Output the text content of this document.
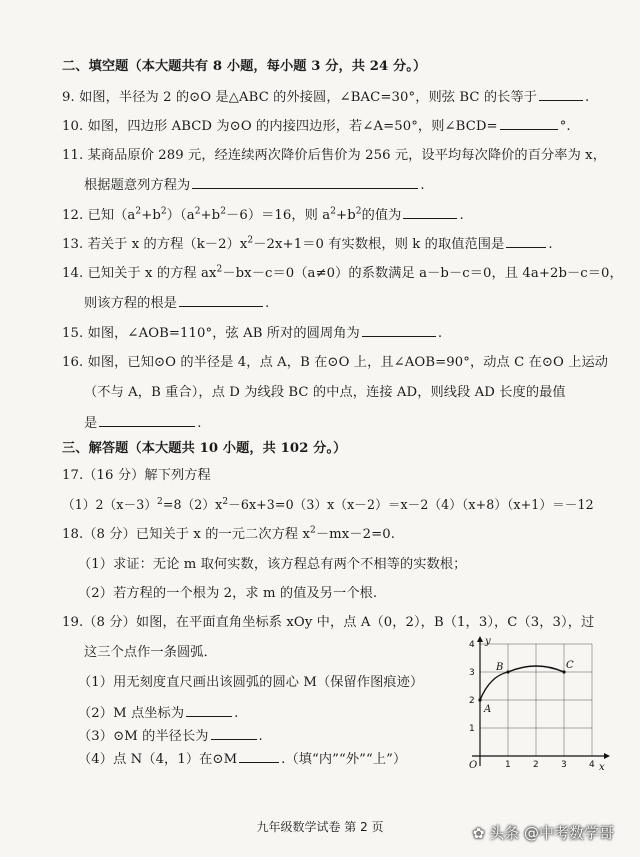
二、填空题（本大题共有 8 小题，每小题 3 分，共 24 分。）
9. 如图，半径为 2 的⊙O 是△ABC 的外接圆，∠BAC=30°，则弦 BC 的长等于	.
10. 如图，四边形 ABCD 为⊙O 的内接四边形，若∠A=50°，则∠BCD=	°.
11. 某商品原价 289 元，经连续两次降价后售价为 256 元，设平均每次降价的百分率为 x，
根据题意列方程为	.
12. 已知$(a^2+b^2)(a^2+b^2-6)=16$，则 $a^2+b^2$的值为	.
13. 若关于 x 的方程$(k-2)x^2-2x+1=0$ 有实数根，则 k 的取值范围是	.
14. 已知关于 x 的方程 $ax^2-bx-c=0(a\ne 0)$的系数满足 a－b－c＝0，且 4a+2b－c＝0，
则该方程的根是	.
15. 如图，∠AOB=110°，弦 AB 所对的圆周角为	.
16. 如图，已知⊙O 的半径是 4，点 A，B 在⊙O 上，且∠AOB=90°，动点 C 在⊙O 上运动
（不与 A，B 重合），点 D 为线段 BC 的中点，连接 AD，则线段 AD 长度的最值
是	.
三、解答题（本大题共 10 小题，共 102 分。）
17.（16 分）解下列方程
$(1)2(x-3)^2=8(2)x^2-6x+3=0(3)x(x-2)=x-2(4)(x+8)(x+1)=-12$
18.（8 分）已知关于 x 的一元二次方程 $x^2-mx-2=0$.
（1）求证：无论 m 取何实数，该方程总有两个不相等的实数根；
（2）若方程的一个根为 2，求 m 的值及另一个根.
19.（8 分）如图，在平面直角坐标系 xOy 中，点 A（0，2），B（1，3），C（3，3），过
这三个点作一条圆弧．
（1）用无刻度直尺画出该圆弧的圆心 M（保留作图痕迹）
（2）M 点坐标为	.
（3）⊙M 的半径长为	.
（4）点 N（4，1）在⊙M	.（填“内”“外”“上”）
y
x
O
A
B	C
1 2 3 4
1
2
3
4
九年级数学试卷 第 2 页	✿ 头条 @中考数学哥
